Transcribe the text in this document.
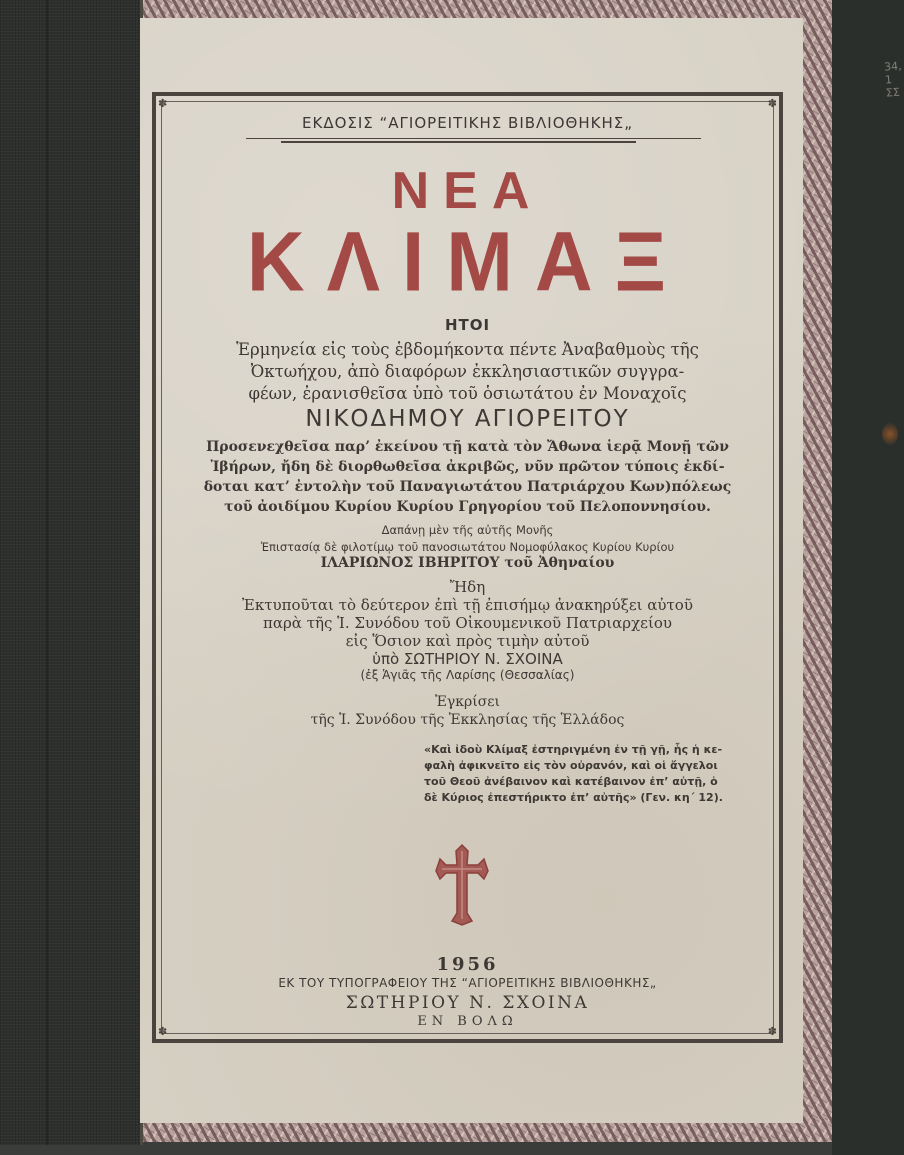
34, 1 ΣΣ
✽	✽
✽	✽
ΕΚΔΟΣΙΣ “ΑΓΙΟΡΕΙΤΙΚΗΣ ΒΙΒΛΙΟΘΗΚΗΣ„
ΝΕΑ
ΚΛΙΜΑΞ
ΗΤΟΙ
Ἑρμηνεία εἰς τοὺς ἑβδομήκοντα πέντε Ἀναβαθμοὺς τῆς
Ὀκτωήχου, ἀπὸ διαφόρων ἐκκλησιαστικῶν συγγρα-
φέων, ἐρανισθεῖσα ὑπὸ τοῦ ὁσιωτάτου ἐν Μοναχοῖς
ΝΙΚΟΔΗΜΟΥ ΑΓΙΟΡΕΙΤΟΥ
Προσενεχθεῖσα παρ’ ἐκείνου τῇ κατὰ τὸν Ἄθωνα ἱερᾷ Μονῇ τῶν
Ἰβήρων, ἤδη δὲ διορθωθεῖσα ἀκριβῶς, νῦν πρῶτον τύποις ἐκδί-
δοται κατ’ ἐντολὴν τοῦ Παναγιωτάτου Πατριάρχου Κων)πόλεως
τοῦ ἀοιδίμου Κυρίου Κυρίου Γρηγορίου τοῦ Πελοποννησίου.
Δαπάνῃ μὲν τῆς αὐτῆς Μονῆς
Ἐπιστασίᾳ δὲ φιλοτίμῳ τοῦ πανοσιωτάτου Νομοφύλακος Κυρίου Κυρίου
ΙΛΑΡΙΩΝΟΣ ΙΒΗΡΙΤΟΥ τοῦ Ἀθηναίου
Ἤδη
Ἐκτυποῦται τὸ δεύτερον ἐπὶ τῇ ἐπισήμῳ ἀνακηρύξει αὐτοῦ
παρὰ τῆς Ἱ. Συνόδου τοῦ Οἰκουμενικοῦ Πατριαρχείου
εἰς Ὅσιον καὶ πρὸς τιμὴν αὐτοῦ
ὑπὸ ΣΩΤΗΡΙΟΥ Ν. ΣΧΟΙΝΑ
(ἐξ Ἁγιᾶς τῆς Λαρίσης (Θεσσαλίας)
Ἐγκρίσει
τῆς Ἱ. Συνόδου τῆς Ἐκκλησίας τῆς Ἑλλάδος
«Καὶ ἰδοὺ Κλίμαξ ἐστηριγμένη ἐν τῇ γῇ, ἧς ἡ κε-
φαλὴ ἀφικνεῖτο εἰς τὸν οὐρανόν, καὶ οἱ ἄγγελοι
τοῦ Θεοῦ ἀνέβαινον καὶ κατέβαινον ἐπ’ αὐτῇ, ὁ
δὲ Κύριος ἐπεστήρικτο ἐπ’ αὐτῆς» (Γεν. κη΄ 12).
1956
ΕΚ ΤΟΥ ΤΥΠΟΓΡΑΦΕΙΟΥ ΤΗΣ “ΑΓΙΟΡΕΙΤΙΚΗΣ ΒΙΒΛΙΟΘΗΚΗΣ„
ΣΩΤΗΡΙΟΥ Ν. ΣΧΟΙΝΑ
ΕΝ ΒΟΛΩ
